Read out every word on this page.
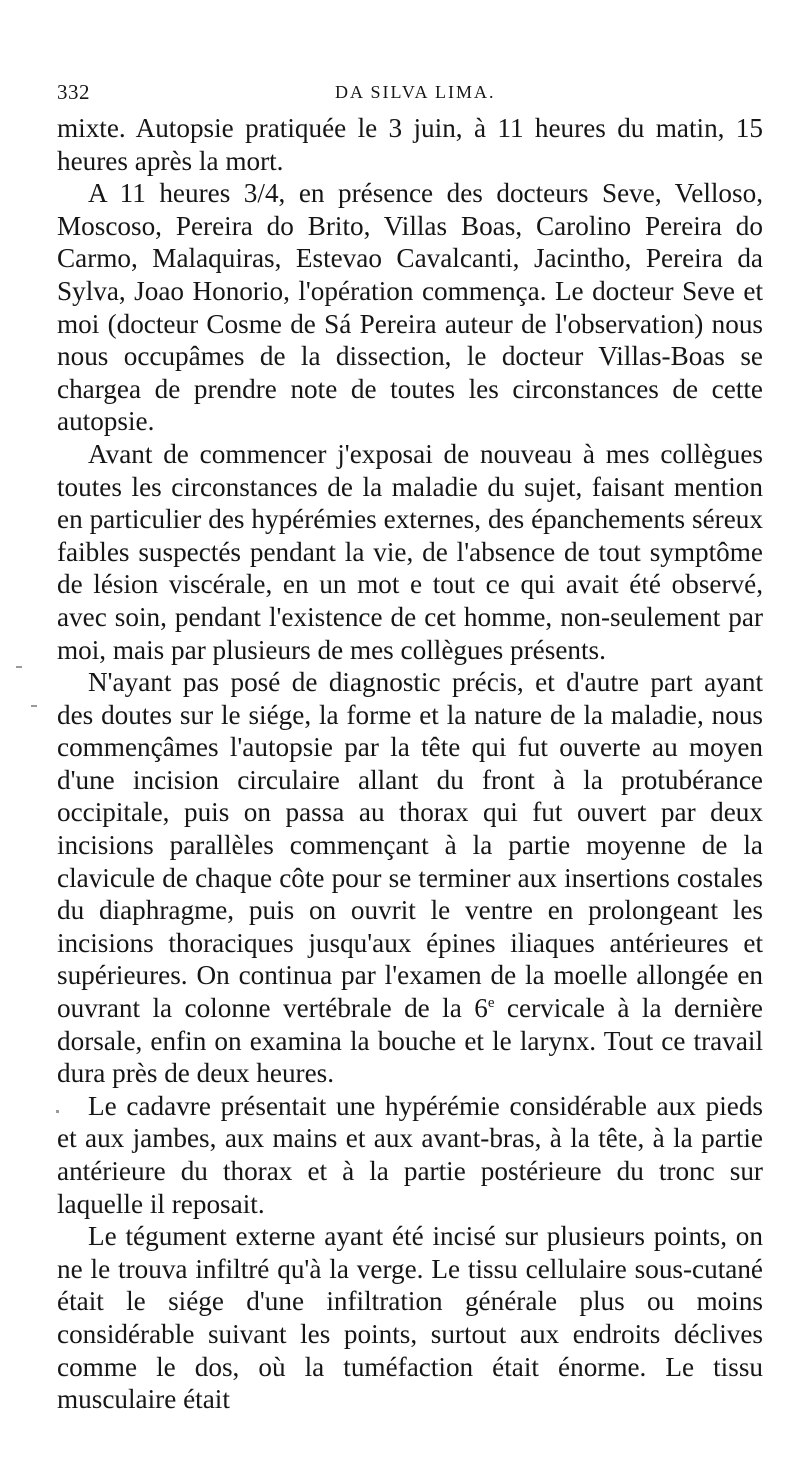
332	DA SILVA LIMA.

mixte. Autopsie pratiquée le 3 juin, à 11 heures du matin, 15 heures après la mort.

A 11 heures 3/4, en présence des docteurs Seve, Velloso, Moscoso, Pereira do Brito, Villas Boas, Carolino Pereira do Carmo, Malaquiras, Estevao Cavalcanti, Jacintho, Pereira da Sylva, Joao Honorio, l'opération commença. Le docteur Seve et moi (docteur Cosme de Sá Pereira auteur de l'observation) nous nous occupâmes de la dissection, le docteur Villas-Boas se chargea de prendre note de toutes les circonstances de cette autopsie.

Avant de commencer j'exposai de nouveau à mes collègues toutes les circonstances de la maladie du sujet, faisant mention en particulier des hypérémies externes, des épanchements séreux faibles suspectés pendant la vie, de l'absence de tout symptôme de lésion viscérale, en un mot e tout ce qui avait été observé, avec soin, pendant l'existence de cet homme, non-seulement par moi, mais par plusieurs de mes collègues présents.

N'ayant pas posé de diagnostic précis, et d'autre part ayant des doutes sur le siége, la forme et la nature de la maladie, nous commençâmes l'autopsie par la tête qui fut ouverte au moyen d'une incision circulaire allant du front à la protubérance occipitale, puis on passa au thorax qui fut ouvert par deux incisions parallèles commençant à la partie moyenne de la clavicule de chaque côte pour se terminer aux insertions costales du diaphragme, puis on ouvrit le ventre en prolongeant les incisions thoraciques jusqu'aux épines iliaques antérieures et supérieures. On continua par l'examen de la moelle allongée en ouvrant la colonne vertébrale de la 6e cervicale à la dernière dorsale, enfin on examina la bouche et le larynx. Tout ce travail dura près de deux heures.

Le cadavre présentait une hypérémie considérable aux pieds et aux jambes, aux mains et aux avant-bras, à la tête, à la partie antérieure du thorax et à la partie postérieure du tronc sur laquelle il reposait.

Le tégument externe ayant été incisé sur plusieurs points, on ne le trouva infiltré qu'à la verge. Le tissu cellulaire sous-cutané était le siége d'une infiltration générale plus ou moins considérable suivant les points, surtout aux endroits déclives comme le dos, où la tuméfaction était énorme. Le tissu musculaire était
